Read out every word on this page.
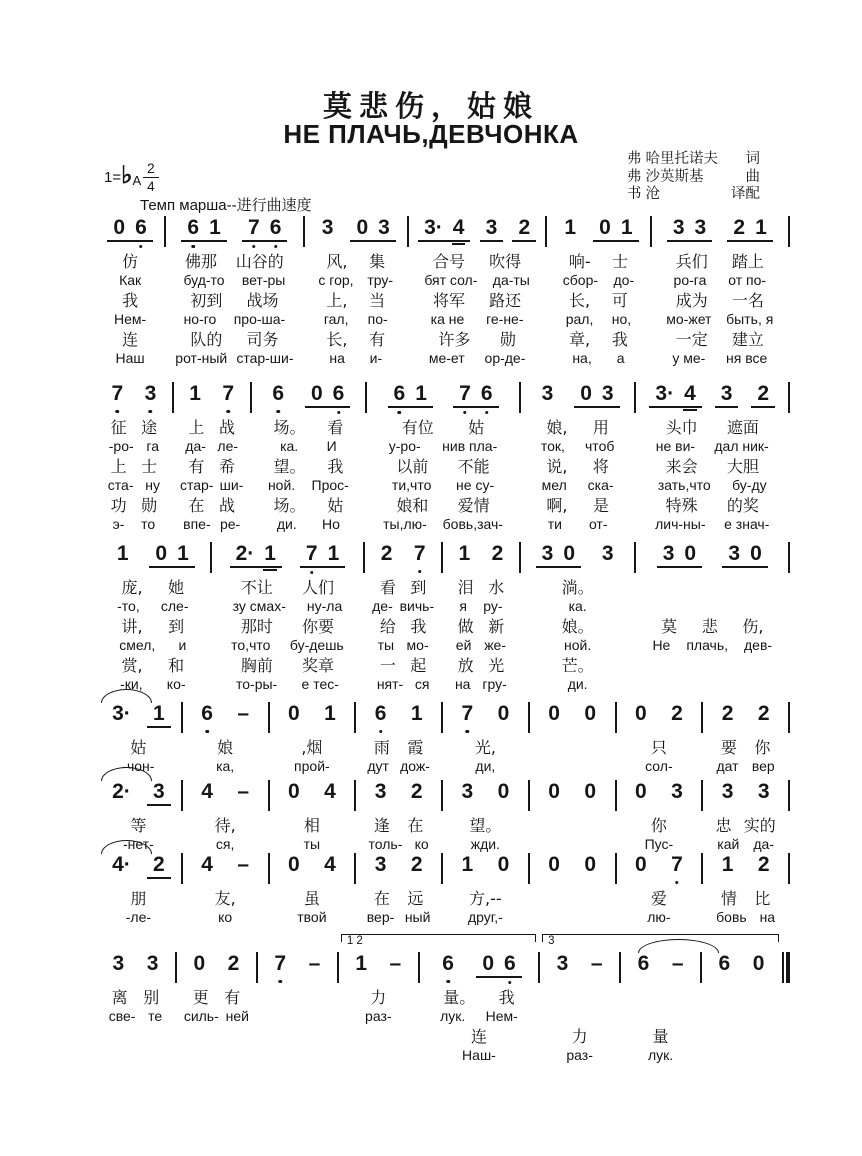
莫悲伤，姑娘
НЕ ПЛАЧЬ,ДЕВЧОНКА
1=♭A $\frac{2}{4}$
Темп марша--进行曲速度
弗 哈里托诺夫 词
弗 沙英斯基	曲
书 沧	译配
0 6
仿
Как
我
Нем-
连
Наш
6 1 7 6
佛那 山谷的
буд-то вет-ры
初到 战场
но-го про-ша-
队的 司务
рот-ный стар-ши-
3 0 3
风, 集
с гор, тру-
上, 当
гал, по-
长, 有
на и-
3· 4 3 2
合号 吹得
бят сол- да-ты
将军 路还
ка не ге-не-
许多 勋
ме-ет ор-де-
1 0 1
响- 士
сбор- до-
长, 可
рал, но,
章, 我
на, а
3 3 2 1
兵们 踏上
ро-га от по-
成为 一名
мо-жет быть, я
一定 建立
у ме- ня все
7 3
征 途
-ро- га
上 士
ста- ну
功 勋
э- то
1 7
上 战
да- ле-
有 希
стар- ши-
在 战
впе- ре-
6 0 6
场。 看
ка. И
望。 我
ной. Прос-
场。 姑
ди. Но
6 1 7 6
有位 姑
у-ро- нив пла-
以前 不能
ти,что не су-
娘和 爱情
ты,лю- бовь,зач-
3 0 3
娘, 用
ток, чтоб
说, 将
мел ска-
啊, 是
ти от-
3· 4 3 2
头巾 遮面
не ви- дал ник-
来会 大胆
зать,что бу-ду
特殊 的奖
лич-ны- е знач-
1 0 1
庞, 她
-то, сле-
讲, 到
смел, и
赏, 和
-ки, ко-
2· 1 7 1
不让 人们
зу смах- ну-ла
那时 你要
то,что бу-дешь
胸前 奖章
то-ры- е тес-
2 7
看 到
де- вичь-
给 我
ты мо-
一 起
нят- ся
1 2
泪 水
я ру-
做 新
ей же-
放 光
на гру-
3 0 3
淌。
ка.
娘。
ной.
芒。
ди.
3 0 3 0
莫 悲 伤,
Не плачь, дев-
3· 1
姑
-чон-
6 –
娘
ка,
0 1
,烟
прой-
6 1
雨 霞
дут дож-
7 0
光,
ди,
0 0 0 2
只
сол-
2 2
要 你
дат вер
2· 3
等
-нет-
4 –
待,
ся,
0 4
相
ты
3 2
逢 在
толь- ко
3 0
望。
жди.
0 0 0 3
你
Пус-
3 3
忠 实的
кай да-
4· 2
朋
-ле-
4 –
友,
ко
0 4
虽
твой
3 2
在 远
вер- ный
1 0
方,--
друг,-
0 0 0 7
爱
лю-
1 2
情 比
бовь на
3 3
离 别
све- те
0 2
更 有
силь- ней
7 –
1 2
1 –
力
раз-
6 0 6
量。 我
лук. Нем-
连
Наш-
3
3 –
力
раз-
6 –
量
лук.
6 0
